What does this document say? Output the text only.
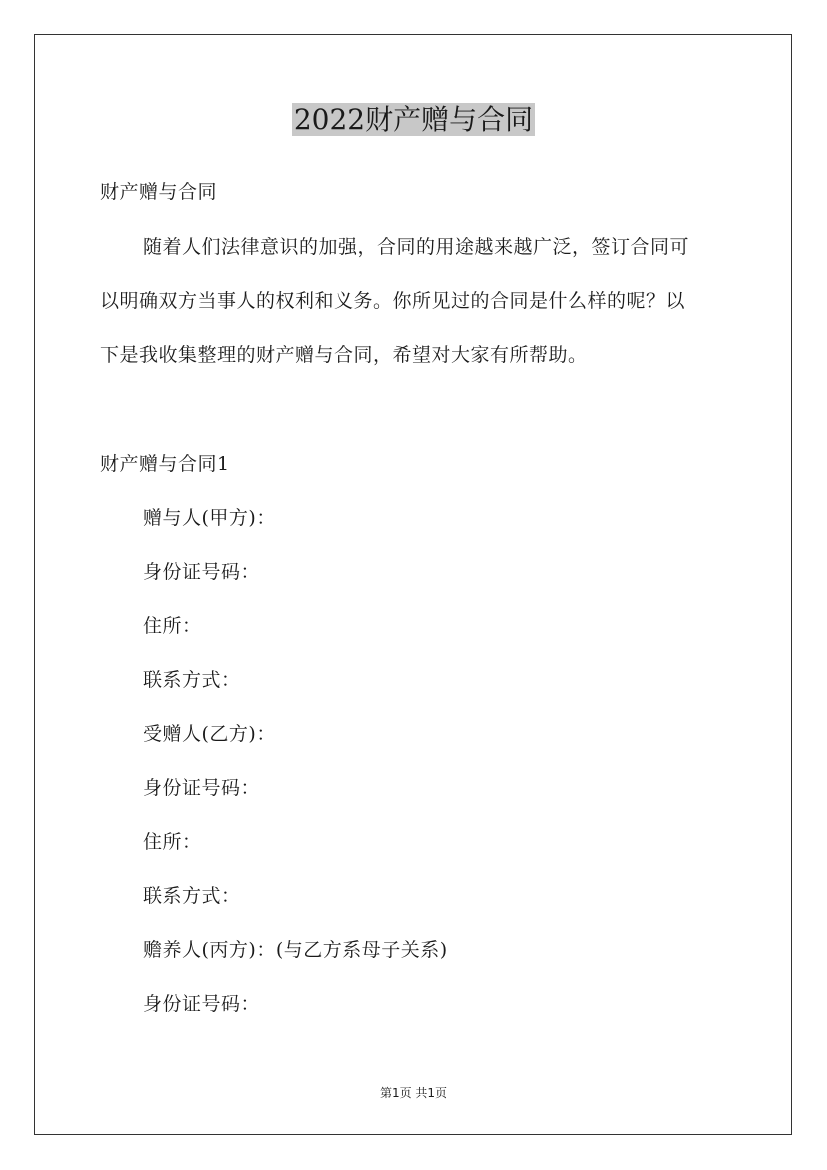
2022财产赠与合同
财产赠与合同
随着人们法律意识的加强，合同的用途越来越广泛，签订合同可
以明确双方当事人的权利和义务。你所见过的合同是什么样的呢？以
下是我收集整理的财产赠与合同，希望对大家有所帮助。
财产赠与合同1
赠与人(甲方)：
身份证号码：
住所：
联系方式：
受赠人(乙方)：
身份证号码：
住所：
联系方式：
赡养人(丙方)：(与乙方系母子关系)
身份证号码：
第1页 共1页
